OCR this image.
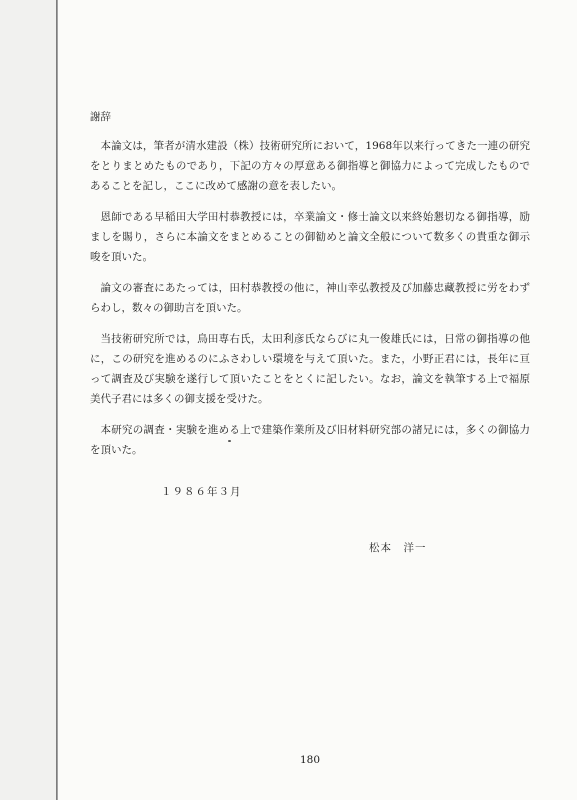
謝辞

本論文は，筆者が清水建設（株）技術研究所において，1968年以来行ってきた一連の研究をとりまとめたものであり，下記の方々の厚意ある御指導と御協力によって完成したものであることを記し，ここに改めて感謝の意を表したい。

恩師である早稲田大学田村恭教授には，卒業論文・修士論文以来終始懇切なる御指導，励ましを賜り，さらに本論文をまとめることの御勧めと論文全般について数多くの貴重な御示唆を頂いた。

論文の審査にあたっては，田村恭教授の他に，神山幸弘教授及び加藤忠藏教授に労をわずらわし，数々の御助言を頂いた。

当技術研究所では，鳥田専右氏，太田利彦氏ならびに丸一俊雄氏には，日常の御指導の他に，この研究を進めるのにふさわしい環境を与えて頂いた。また，小野正君には，長年に亘って調査及び実験を遂行して頂いたことをとくに記したい。なお，論文を執筆する上で福原美代子君には多くの御支援を受けた。

本研究の調査・実験を進める上で建築作業所及び旧材料研究部の諸兄には，多くの御協力を頂いた。

１９８６年３月
松本　洋一
180
